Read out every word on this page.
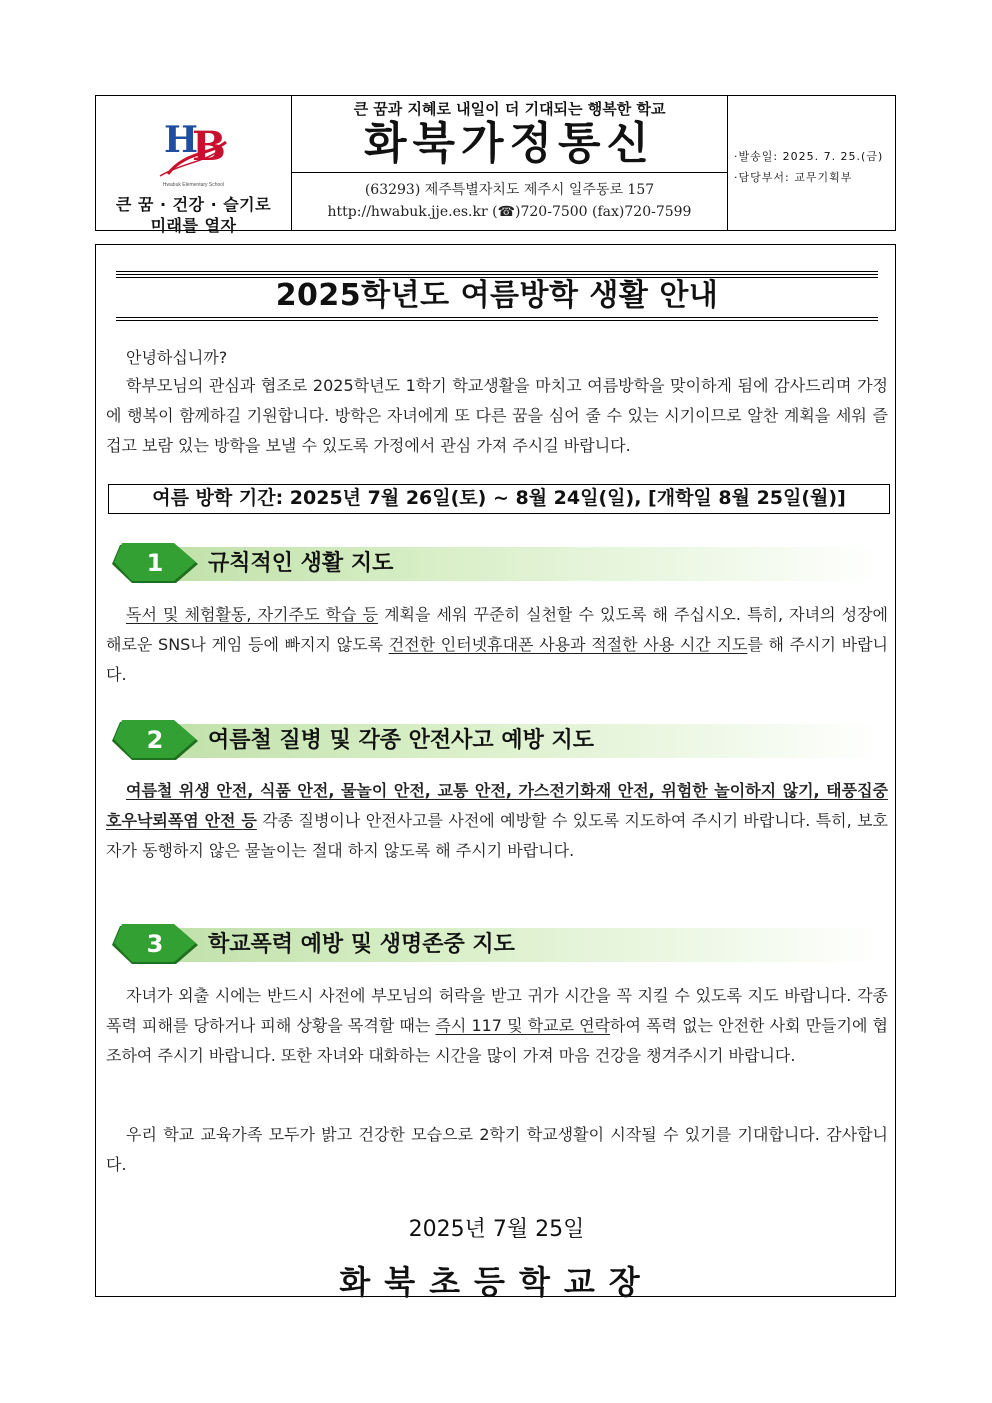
H
B
Hwabuk Elementary School
큰 꿈 · 건강 · 슬기로
미래를 열자
큰 꿈과 지혜로 내일이 더 기대되는 행복한 학교
화북가정통신
(63293) 제주특별자치도 제주시 일주동로 157
http://hwabuk.jje.es.kr (☎)720-7500 (fax)720-7599
·발송일: 2025. 7. 25.(금)
·담당부서: 교무기획부
2025학년도 여름방학 생활 안내
안녕하십니까?
학부모님의 관심과 협조로 2025학년도 1학기 학교생활을 마치고 여름방학을 맞이하게 됨에 감사드리며 가정에 행복이 함께하길 기원합니다. 방학은 자녀에게 또 다른 꿈을 심어 줄 수 있는 시기이므로 알찬 계획을 세워 즐겁고 보람 있는 방학을 보낼 수 있도록 가정에서 관심 가져 주시길 바랍니다.
여름 방학 기간: 2025년 7월 26일(토) ~ 8월 24일(일), [개학일 8월 25일(월)]
1	규칙적인 생활 지도
독서 및 체험활동, 자기주도 학습 등 계획을 세워 꾸준히 실천할 수 있도록 해 주십시오. 특히, 자녀의 성장에 해로운 SNS나 게임 등에 빠지지 않도록 건전한 인터넷휴대폰 사용과 적절한 사용 시간 지도를 해 주시기 바랍니다.
2	여름철 질병 및 각종 안전사고 예방 지도
여름철 위생 안전, 식품 안전, 물놀이 안전, 교통 안전, 가스전기화재 안전, 위험한 놀이하지 않기, 태풍집중호우낙뢰폭염 안전 등 각종 질병이나 안전사고를 사전에 예방할 수 있도록 지도하여 주시기 바랍니다. 특히, 보호자가 동행하지 않은 물놀이는 절대 하지 않도록 해 주시기 바랍니다.
3	학교폭력 예방 및 생명존중 지도
자녀가 외출 시에는 반드시 사전에 부모님의 허락을 받고 귀가 시간을 꼭 지킬 수 있도록 지도 바랍니다. 각종 폭력 피해를 당하거나 피해 상황을 목격할 때는 즉시 117 및 학교로 연락하여 폭력 없는 안전한 사회 만들기에 협조하여 주시기 바랍니다. 또한 자녀와 대화하는 시간을 많이 가져 마음 건강을 챙겨주시기 바랍니다.
우리 학교 교육가족 모두가 밝고 건강한 모습으로 2학기 학교생활이 시작될 수 있기를 기대합니다. 감사합니다.
2025년 7월 25일
화북초등학교장
